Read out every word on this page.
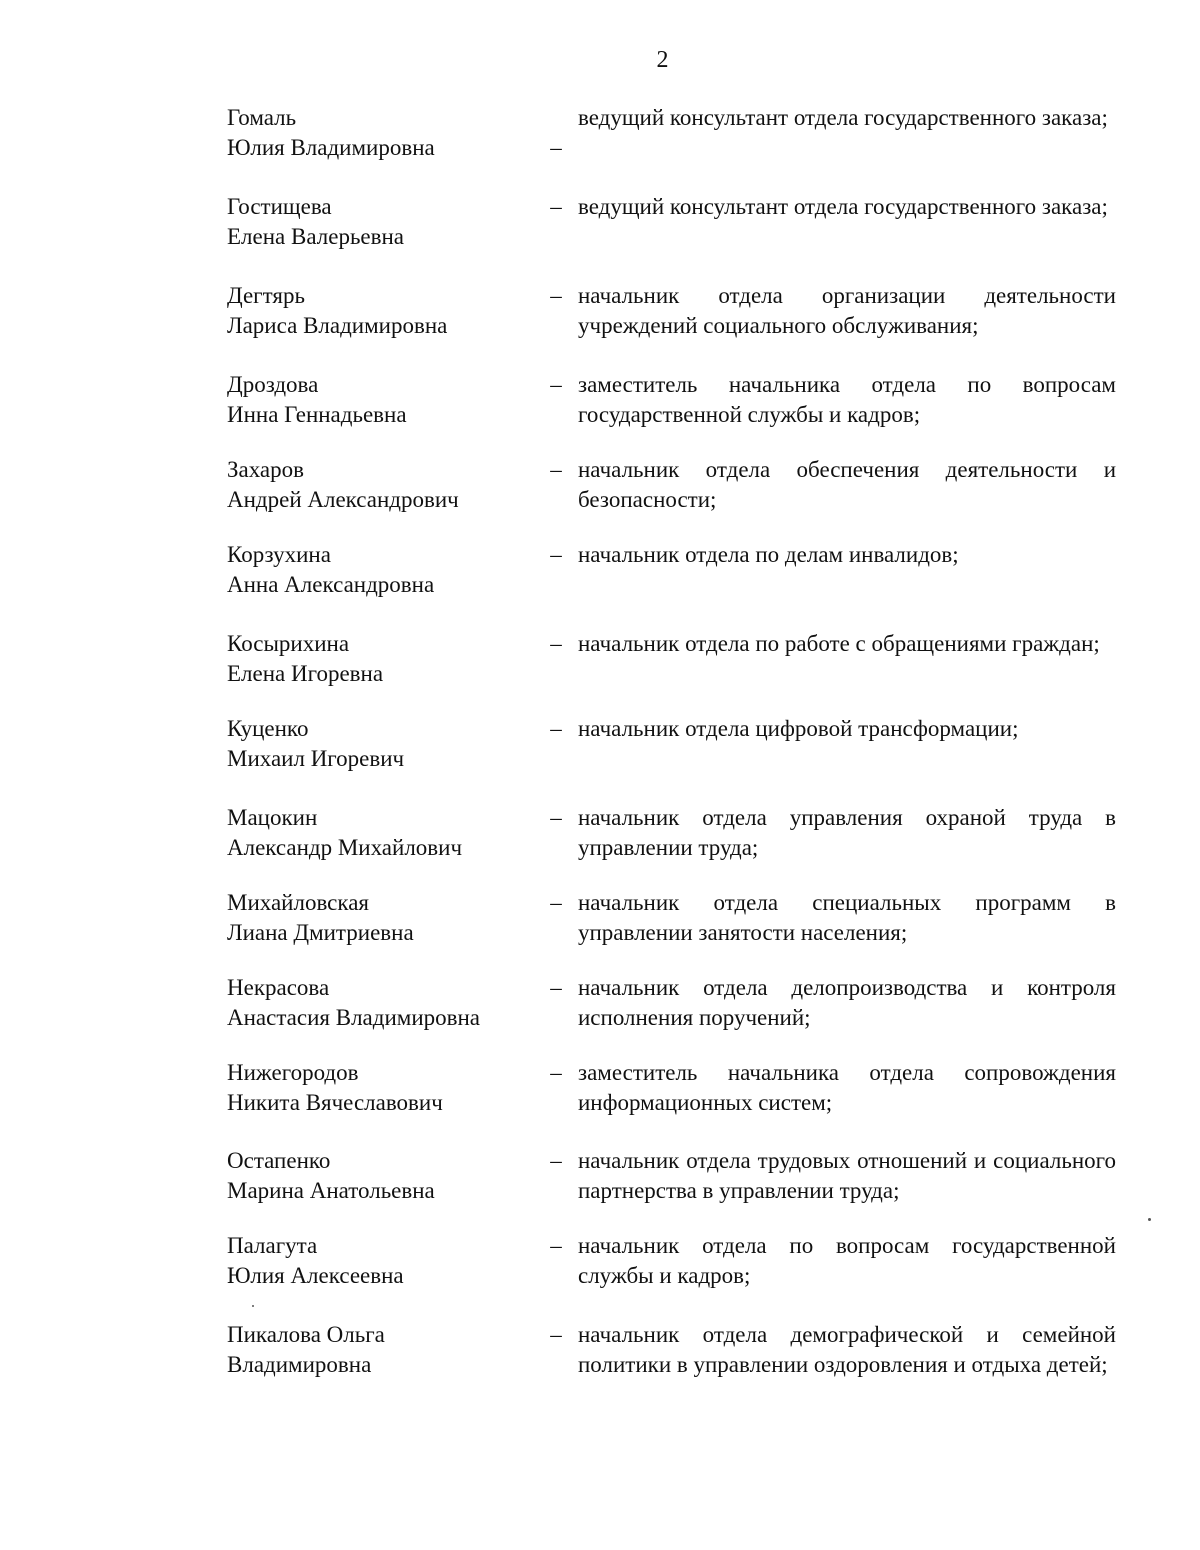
2
Гомаль
Юлия Владимировна	–
ведущий консультант отдела государственного заказа;
Гостищева
Елена Валерьевна
– ведущий консультант отдела государственного заказа;
Дегтярь
Лариса Владимировна
– начальник отдела организации деятельности учреждений социального обслуживания;
Дроздова
Инна Геннадьевна
– заместитель начальника отдела по вопросам государственной службы и кадров;
Захаров
Андрей Александрович
– начальник отдела обеспечения деятельности и безопасности;
Корзухина
Анна Александровна
– начальник отдела по делам инвалидов;
Косырихина
Елена Игоревна
– начальник отдела по работе с обращениями граждан;
Куценко
Михаил Игоревич
– начальник отдела цифровой трансформации;
Мацокин
Александр Михайлович
– начальник отдела управления охраной труда в управлении труда;
Михайловская
Лиана Дмитриевна
– начальник отдела специальных программ в управлении занятости населения;
Некрасова
Анастасия Владимировна
– начальник отдела делопроизводства и контроля исполнения поручений;
Нижегородов
Никита Вячеславович
– заместитель начальника отдела сопровождения информационных систем;
Остапенко
Марина Анатольевна
– начальник отдела трудовых отношений и социального партнерства в управлении труда;
Палагута
Юлия Алексеевна
– начальник отдела по вопросам государственной службы и кадров;
Пикалова Ольга
Владимировна
– начальник отдела демографической и семейной политики в управлении оздоровления и отдыха детей;
